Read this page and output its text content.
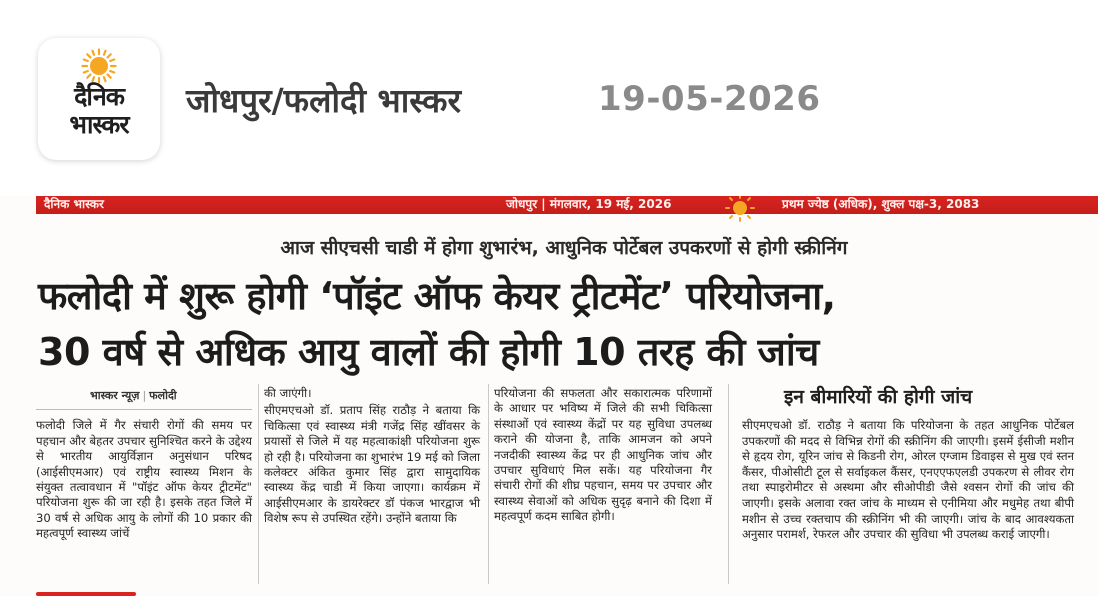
दैनिक
भास्कर
जोधपुर/फलोदी भास्कर	19-05-2026
दैनिक भास्कर	जोधपुर | मंगलवार, 19 मई, 2026	प्रथम ज्येष्ठ (अधिक), शुक्ल पक्ष-3, 2083
आज सीएचसी चाडी में होगा शुभारंभ, आधुनिक पोर्टेबल उपकरणों से होगी स्क्रीनिंग
फलोदी में शुरू होगी ‘पॉइंट ऑफ केयर ट्रीटमेंट’ परियोजना,
30 वर्ष से अधिक आयु वालों की होगी 10 तरह की जांच
भास्कर न्यूज़ | फलोदी
फलोदी जिले में गैर संचारी रोगों की समय पर पहचान और बेहतर उपचार सुनिश्चित करने के उद्देश्य से भारतीय आयुर्विज्ञान अनुसंधान परिषद (आईसीएमआर) एवं राष्ट्रीय स्वास्थ्य मिशन के संयुक्त तत्वावधान में "पॉइंट ऑफ केयर ट्रीटमेंट" परियोजना शुरू की जा रही है। इसके तहत जिले में 30 वर्ष से अधिक आयु के लोगों की 10 प्रकार की महत्वपूर्ण स्वास्थ्य जांचें
की जाएंगी।
सीएमएचओ डॉ. प्रताप सिंह राठौड़ ने बताया कि चिकित्सा एवं स्वास्थ्य मंत्री गजेंद्र सिंह खींवसर के प्रयासों से जिले में यह महत्वाकांक्षी परियोजना शुरू हो रही है। परियोजना का शुभारंभ 19 मई को जिला कलेक्टर अंकित कुमार सिंह द्वारा सामुदायिक स्वास्थ्य केंद्र चाडी में किया जाएगा। कार्यक्रम में आईसीएमआर के डायरेक्टर डॉ पंकज भारद्वाज भी विशेष रूप से उपस्थित रहेंगे। उन्होंने बताया कि
परियोजना की सफलता और सकारात्मक परिणामों के आधार पर भविष्य में जिले की सभी चिकित्सा संस्थाओं एवं स्वास्थ्य केंद्रों पर यह सुविधा उपलब्ध कराने की योजना है, ताकि आमजन को अपने नजदीकी स्वास्थ्य केंद्र पर ही आधुनिक जांच और उपचार सुविधाएं मिल सकें। यह परियोजना गैर संचारी रोगों की शीघ्र पहचान, समय पर उपचार और स्वास्थ्य सेवाओं को अधिक सुदृढ़ बनाने की दिशा में महत्वपूर्ण कदम साबित होगी।
इन बीमारियों की होगी जांच
सीएमएचओ डॉ. राठौड़ ने बताया कि परियोजना के तहत आधुनिक पोर्टेबल उपकरणों की मदद से विभिन्न रोगों की स्क्रीनिंग की जाएगी। इसमें ईसीजी मशीन से हृदय रोग, यूरिन जांच से किडनी रोग, ओरल एग्जाम डिवाइस से मुख एवं स्तन कैंसर, पीओसीटी टूल से सर्वाइकल कैंसर, एनएएफएलडी उपकरण से लीवर रोग तथा स्पाइरोमीटर से अस्थमा और सीओपीडी जैसे श्वसन रोगों की जांच की जाएगी। इसके अलावा रक्त जांच के माध्यम से एनीमिया और मधुमेह तथा बीपी मशीन से उच्च रक्तचाप की स्क्रीनिंग भी की जाएगी। जांच के बाद आवश्यकता अनुसार परामर्श, रेफरल और उपचार की सुविधा भी उपलब्ध कराई जाएगी।
